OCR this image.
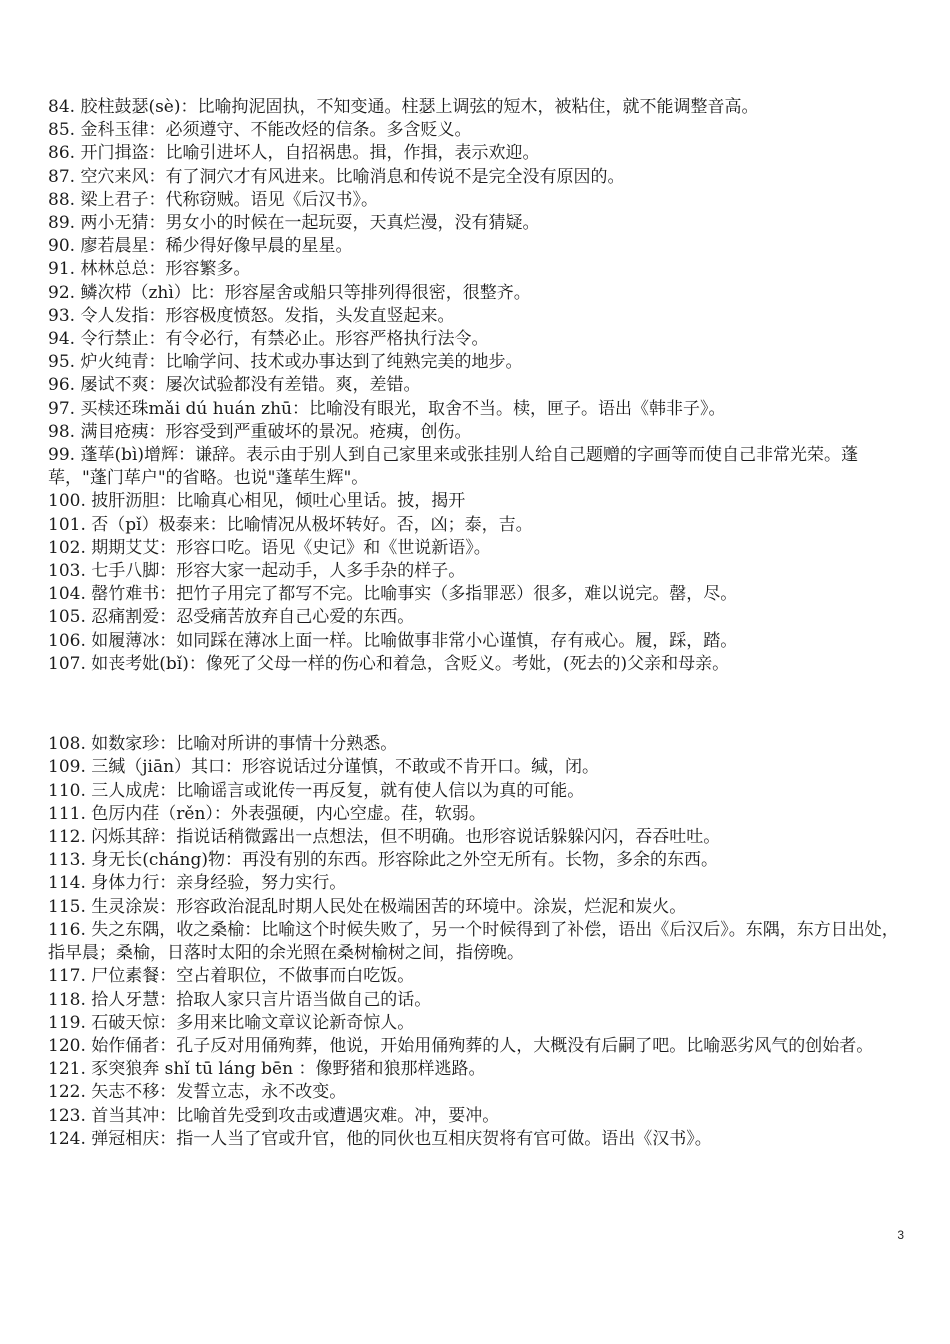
84. 胶柱鼓瑟(sè)：比喻拘泥固执，不知变通。柱瑟上调弦的短木，被粘住，就不能调整音高。

85. 金科玉律：必须遵守、不能改烃的信条。多含贬义。

86. 开门揖盗：比喻引进坏人，自招祸患。揖，作揖，表示欢迎。

87. 空穴来风：有了洞穴才有风进来。比喻消息和传说不是完全没有原因的。

88. 梁上君子：代称窃贼。语见《后汉书》。

89. 两小无猜：男女小的时候在一起玩耍，天真烂漫，没有猜疑。

90. 廖若晨星：稀少得好像早晨的星星。

91. 林林总总：形容繁多。

92. 鳞次栉（zhì）比：形容屋舍或船只等排列得很密，很整齐。

93. 令人发指：形容极度愤怒。发指，头发直竖起来。

94. 令行禁止：有令必行，有禁必止。形容严格执行法令。

95. 炉火纯青：比喻学问、技术或办事达到了纯熟完美的地步。

96. 屡试不爽：屡次试验都没有差错。爽，差错。

97. 买椟还珠mǎi dú huán zhū：比喻没有眼光，取舍不当。椟，匣子。语出《韩非子》。

98. 满目疮痍：形容受到严重破坏的景况。疮痍，创伤。

99. 蓬荜(bì)增辉：谦辞。表示由于别人到自己家里来或张挂别人给自己题赠的字画等而使自己非常光荣。蓬荜，"蓬门荜户"的省略。也说"蓬荜生辉"。

100. 披肝沥胆：比喻真心相见，倾吐心里话。披，揭开

101. 否（pǐ）极泰来：比喻情况从极坏转好。否，凶；泰，吉。

102. 期期艾艾：形容口吃。语见《史记》和《世说新语》。

103. 七手八脚：形容大家一起动手，人多手杂的样子。

104. 罄竹难书：把竹子用完了都写不完。比喻事实（多指罪恶）很多，难以说完。罄，尽。

105. 忍痛割爱：忍受痛苦放弃自己心爱的东西。

106. 如履薄冰：如同踩在薄冰上面一样。比喻做事非常小心谨慎，存有戒心。履，踩，踏。

107. 如丧考妣(bǐ)：像死了父母一样的伤心和着急，含贬义。考妣，(死去的)父亲和母亲。

108. 如数家珍：比喻对所讲的事情十分熟悉。

109. 三缄（jiān）其口：形容说话过分谨慎，不敢或不肯开口。缄，闭。

110. 三人成虎：比喻谣言或讹传一再反复，就有使人信以为真的可能。

111. 色厉内荏（rěn）：外表强硬，内心空虚。荏，软弱。

112. 闪烁其辞：指说话稍微露出一点想法，但不明确。也形容说话躲躲闪闪，吞吞吐吐。

113. 身无长(cháng)物：再没有别的东西。形容除此之外空无所有。长物，多余的东西。

114. 身体力行：亲身经验，努力实行。

115. 生灵涂炭：形容政治混乱时期人民处在极端困苦的环境中。涂炭，烂泥和炭火。

116. 失之东隅，收之桑榆：比喻这个时候失败了，另一个时候得到了补偿，语出《后汉后》。东隅，东方日出处，指早晨；桑榆，日落时太阳的余光照在桑树榆树之间，指傍晚。

117. 尸位素餐：空占着职位，不做事而白吃饭。

118. 拾人牙慧：拾取人家只言片语当做自己的话。

119. 石破天惊：多用来比喻文章议论新奇惊人。

120. 始作俑者：孔子反对用俑殉葬，他说，开始用俑殉葬的人，大概没有后嗣了吧。比喻恶劣风气的创始者。

121. 豕突狼奔 shǐ tū láng bēn ：像野猪和狼那样逃路。

122. 矢志不移：发誓立志，永不改变。

123. 首当其冲：比喻首先受到攻击或遭遇灾难。冲，要冲。

124. 弹冠相庆：指一人当了官或升官，他的同伙也互相庆贺将有官可做。语出《汉书》。

3
